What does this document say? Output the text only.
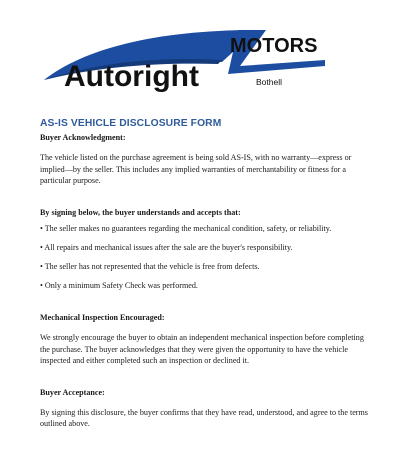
Autoright
MOTORS
Bothell
AS-IS VEHICLE DISCLOSURE FORM
Buyer Acknowledgment:

The vehicle listed on the purchase agreement is being sold AS-IS, with no warranty—express or implied—by the seller. This includes any implied warranties of merchantability or fitness for a particular purpose.

By signing below, the buyer understands and accepts that:
• The seller makes no guarantees regarding the mechanical condition, safety, or reliability.
• All repairs and mechanical issues after the sale are the buyer's responsibility.
• The seller has not represented that the vehicle is free from defects.
• Only a minimum Safety Check was performed.
Mechanical Inspection Encouraged:

We strongly encourage the buyer to obtain an independent mechanical inspection before completing the purchase. The buyer acknowledges that they were given the opportunity to have the vehicle inspected and either completed such an inspection or declined it.

Buyer Acceptance:

By signing this disclosure, the buyer confirms that they have read, understood, and agree to the terms outlined above.
